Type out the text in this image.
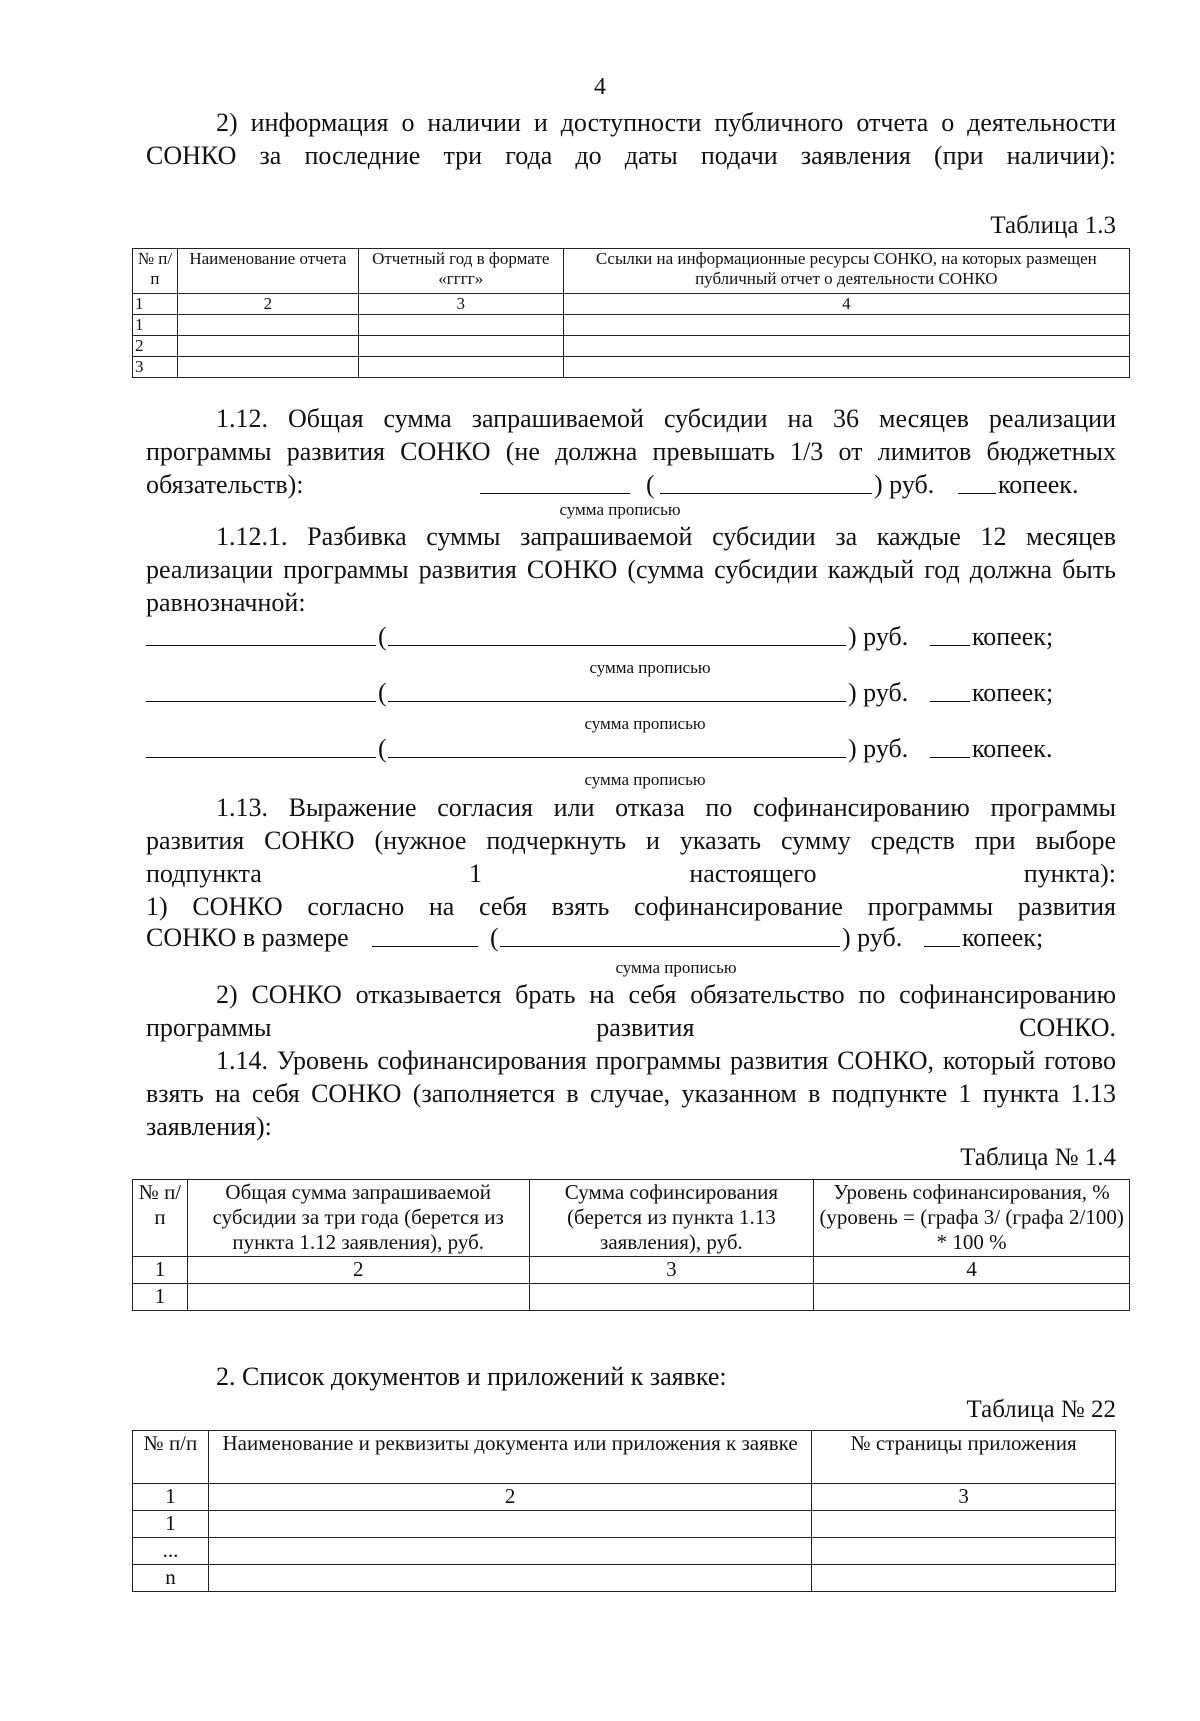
4

2) информация о наличии и доступности публичного отчета о деятельности СОНКО за последние три года до даты подачи заявления (при наличии):

Таблица 1.3
№ п/п	Наименование отчета	Отчетный год в формате «гггг»	Ссылки на информационные ресурсы СОНКО, на которых размещен публичный отчет о деятельности СОНКО
1	2	3	4
1			
2			
3			

1.12. Общая сумма запрашиваемой субсидии на 36 месяцев реализации программы развития СОНКО (не должна превышать 1/3 от лимитов бюджетных обязательств):	(	) руб. копеек.
сумма прописью

1.12.1. Разбивка суммы запрашиваемой субсидии за каждые 12 месяцев реализации программы развития СОНКО (сумма субсидии каждый год должна быть равнозначной:

(	) руб. копеек;
сумма прописью
(	) руб. копеек;
сумма прописью
(	) руб. копеек.
сумма прописью

1.13. Выражение согласия или отказа по софинансированию программы развития СОНКО (нужное подчеркнуть и указать сумму средств при выборе подпункта 1 настоящего пункта):

1) СОНКО согласно на себя взять софинансирование программы развития

СОНКО в размере	(	) руб. копеек;
сумма прописью

2) СОНКО отказывается брать на себя обязательство по софинансированию программы развития СОНКО.

1.14. Уровень софинансирования программы развития СОНКО, который готово взять на себя СОНКО (заполняется в случае, указанном в подпункте 1 пункта 1.13 заявления):

Таблица № 1.4
№ п/п	Общая сумма запрашиваемой субсидии за три года (берется из пункта 1.12 заявления), руб.	Сумма софинсирования (берется из пункта 1.13 заявления), руб.	Уровень софинансирования, % (уровень = (графа 3/ (графа 2/100) * 100 %
1	2	3	4
1			
2. Список документов и приложений к заявке:
Таблица № 22
№ п/п	Наименование и реквизиты документа или приложения к заявке	№ страницы приложения
1	2	3
1		
...		
n		
